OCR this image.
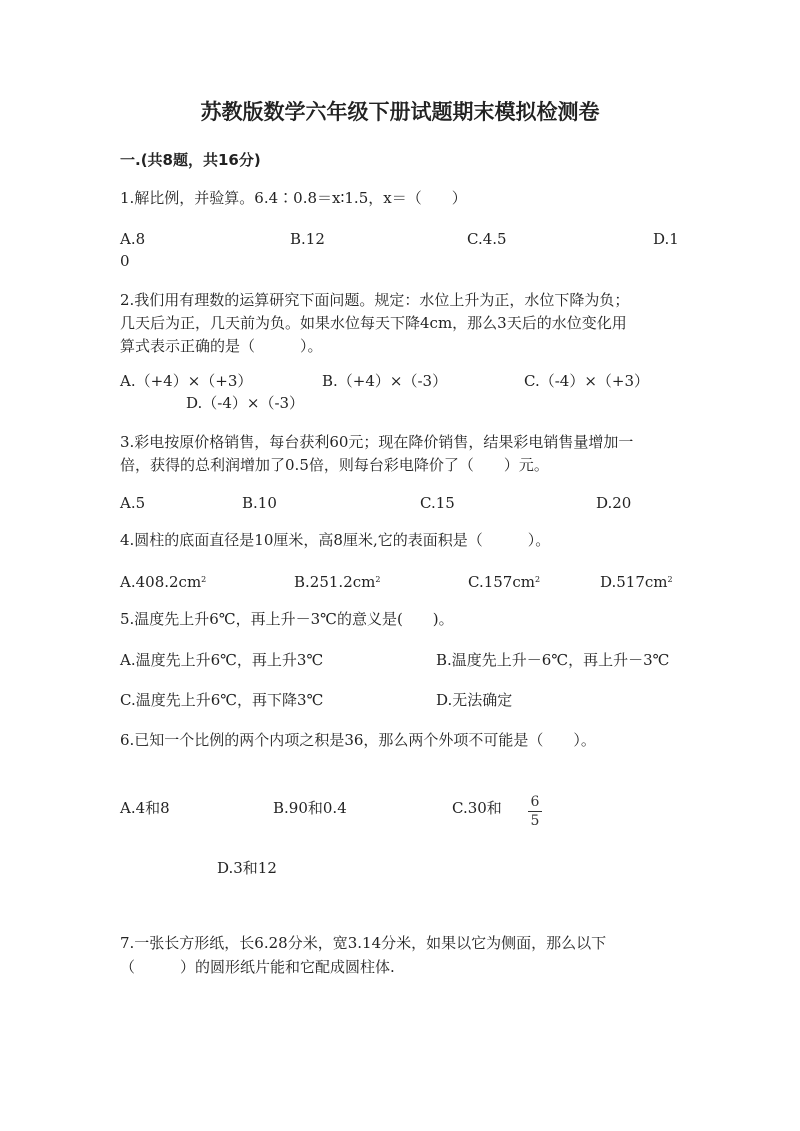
苏教版数学六年级下册试题期末模拟检测卷
一.(共8题，共16分)
1.解比例，并验算。6.4∶0.8＝x∶1.5，x＝（　　）
A.8	B.12	C.4.5	D.1
0
2.我们用有理数的运算研究下面问题。规定：水位上升为正，水位下降为负；
几天后为正，几天前为负。如果水位每天下降4cm，那么3天后的水位变化用
算式表示正确的是（　　　）。
A.（+4）×（+3）	B.（+4）×（-3）	C.（-4）×（+3）
D.（-4）×（-3）
3.彩电按原价格销售，每台获利60元；现在降价销售，结果彩电销售量增加一
倍，获得的总利润增加了0.5倍，则每台彩电降价了（　　）元。
A.5	B.10	C.15	D.20
4.圆柱的底面直径是10厘米，高8厘米,它的表面积是（　　　）。
$A.408.2cm^2$	$B.251.2cm^2$	$C.157cm^2$	$D.517cm^2$
5.温度先上升6℃，再上升－3℃的意义是(　　)。
A.温度先上升6℃，再上升3℃	B.温度先上升－6℃，再上升－3℃
C.温度先上升6℃，再下降3℃	D.无法确定
6.已知一个比例的两个内项之积是36，那么两个外项不可能是（　　）。
A.4和8	B.90和0.4	C.30和	6
5
D.3和12
7.一张长方形纸，长6.28分米，宽3.14分米，如果以它为侧面，那么以下
（　　　）的圆形纸片能和它配成圆柱体.
